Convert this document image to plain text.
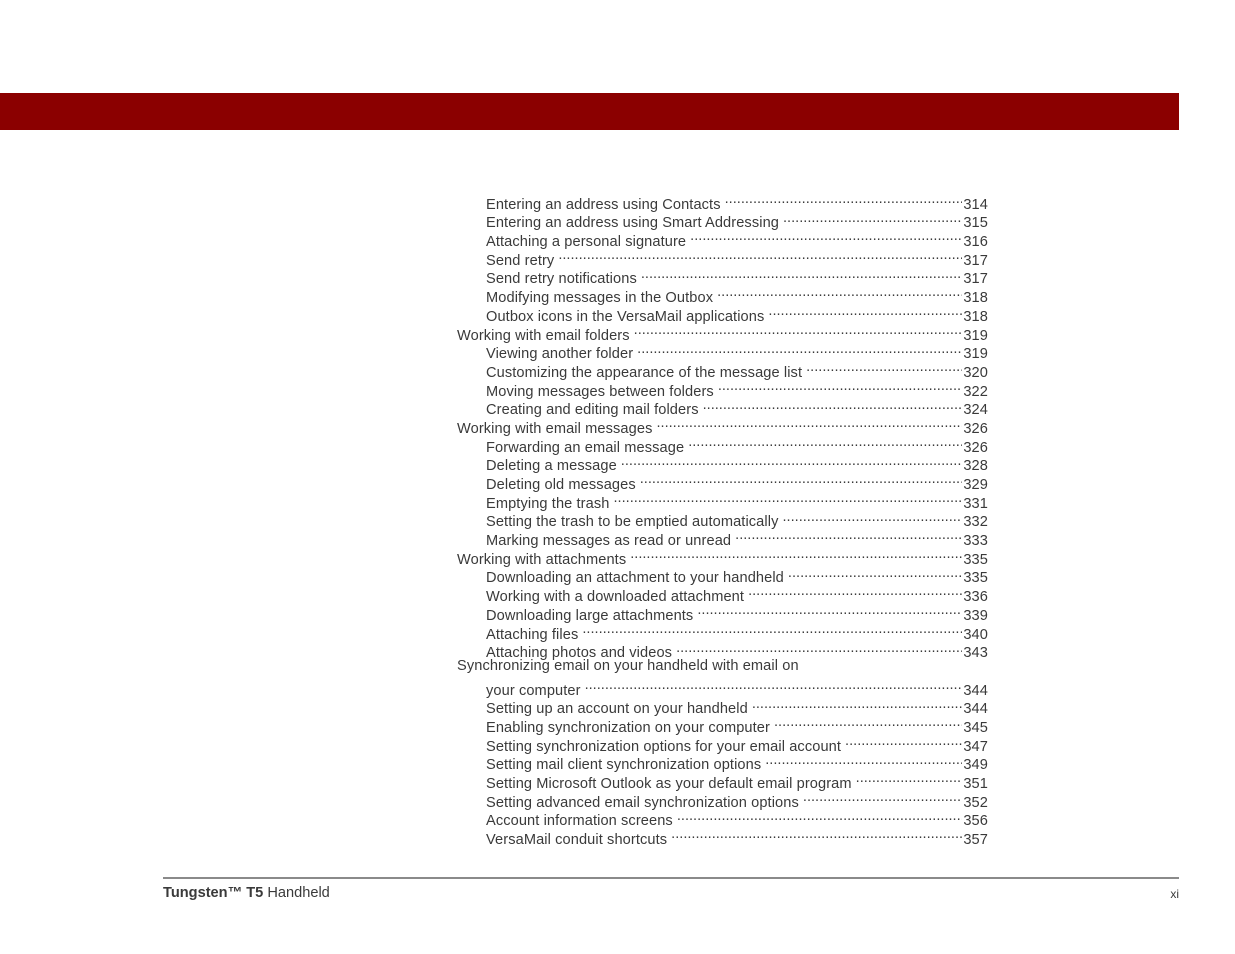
Entering an address using Contacts .....	314
Entering an address using Smart Addressing .....	315
Attaching a personal signature .....	316
Send retry .....	317
Send retry notifications .....	317
Modifying messages in the Outbox .....	318
Outbox icons in the VersaMail applications .....	318
Working with email folders .....	319
Viewing another folder .....	319
Customizing the appearance of the message list .....	320
Moving messages between folders .....	322
Creating and editing mail folders .....	324
Working with email messages .....	326
Forwarding an email message .....	326
Deleting a message .....	328
Deleting old messages .....	329
Emptying the trash .....	331
Setting the trash to be emptied automatically .....	332
Marking messages as read or unread .....	333
Working with attachments .....	335
Downloading an attachment to your handheld .....	335
Working with a downloaded attachment .....	336
Downloading large attachments .....	339
Attaching files .....	340
Attaching photos and videos .....	343
Synchronizing email on your handheld with email on
your computer .....	344
Setting up an account on your handheld .....	344
Enabling synchronization on your computer .....	345
Setting synchronization options for your email account .....	347
Setting mail client synchronization options .....	349
Setting Microsoft Outlook as your default email program .....	351
Setting advanced email synchronization options .....	352
Account information screens .....	356
VersaMail conduit shortcuts .....	357
Tungsten™ T5 Handheld	xi
